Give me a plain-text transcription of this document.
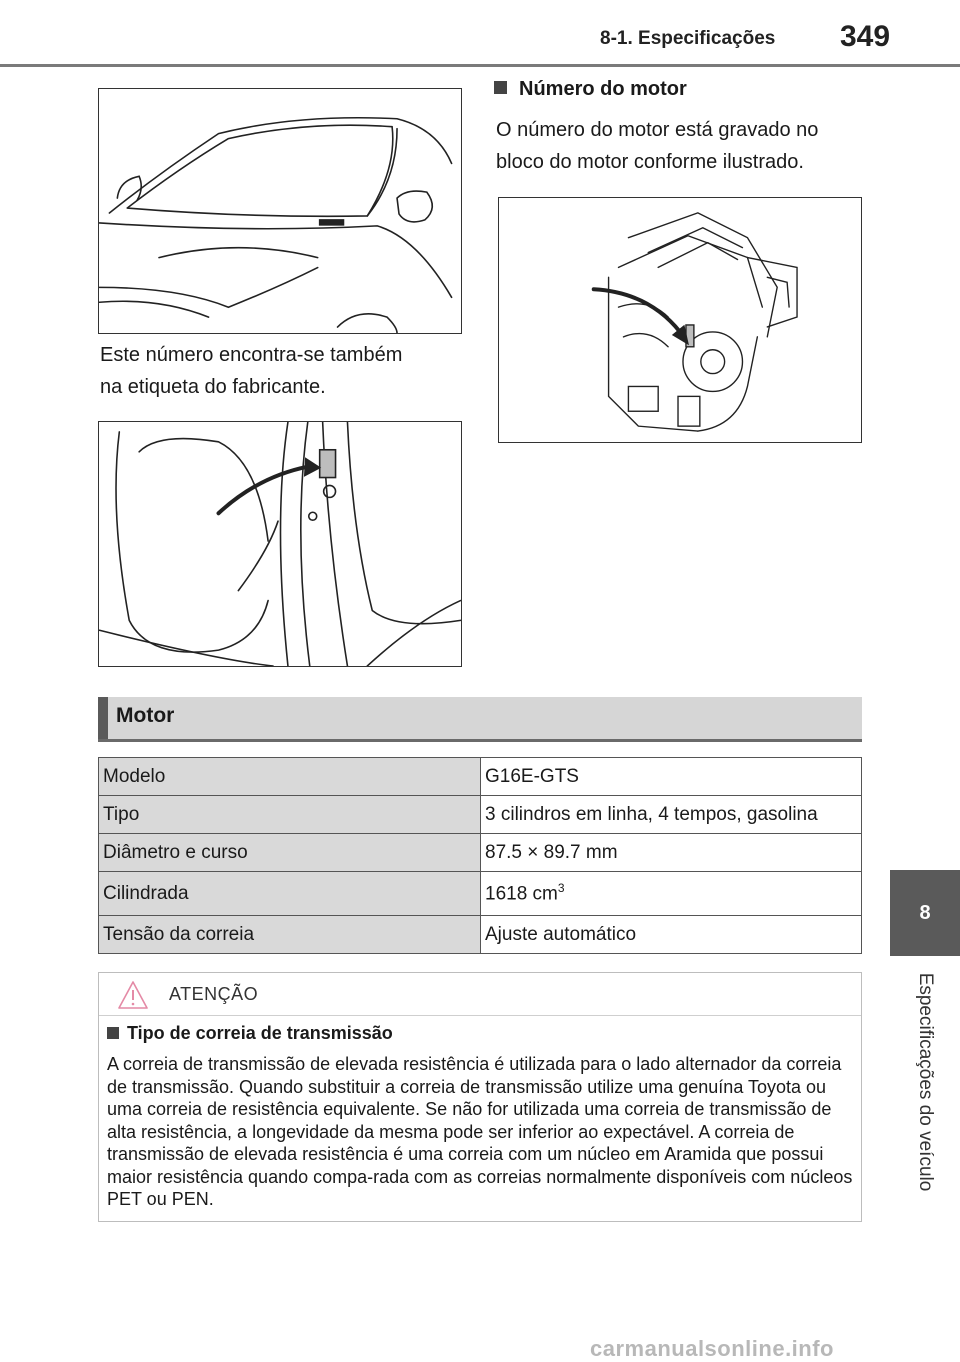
8-1. Especificações 349
8
Especificações do veículo
Este número encontra-se também
na etiqueta do fabricante.
Número do motor
O número do motor está gravado no
bloco do motor conforme ilustrado.
Motor
Modelo	G16E-GTS
Tipo	3 cilindros em linha, 4 tempos, gasolina
Diâmetro e curso	87.5 × 89.7 mm
Cilindrada	1618 $cm^3$
Tensão da correia	Ajuste automático
ATENÇÃO
Tipo de correia de transmissão
A correia de transmissão de elevada resistência é utilizada para o lado alternador da correia de transmissão. Quando substituir a correia de transmissão utilize uma genuína Toyota ou uma correia de resistência equivalente. Se não for utilizada uma correia de transmissão de alta resistência, a longevidade da mesma pode ser inferior ao expectável. A correia de transmissão de elevada resistência é uma correia com um núcleo em Aramida que possui maior resistência quando compa-rada com as correias normalmente disponíveis com núcleos PET ou PEN.
carmanualsonline.info
